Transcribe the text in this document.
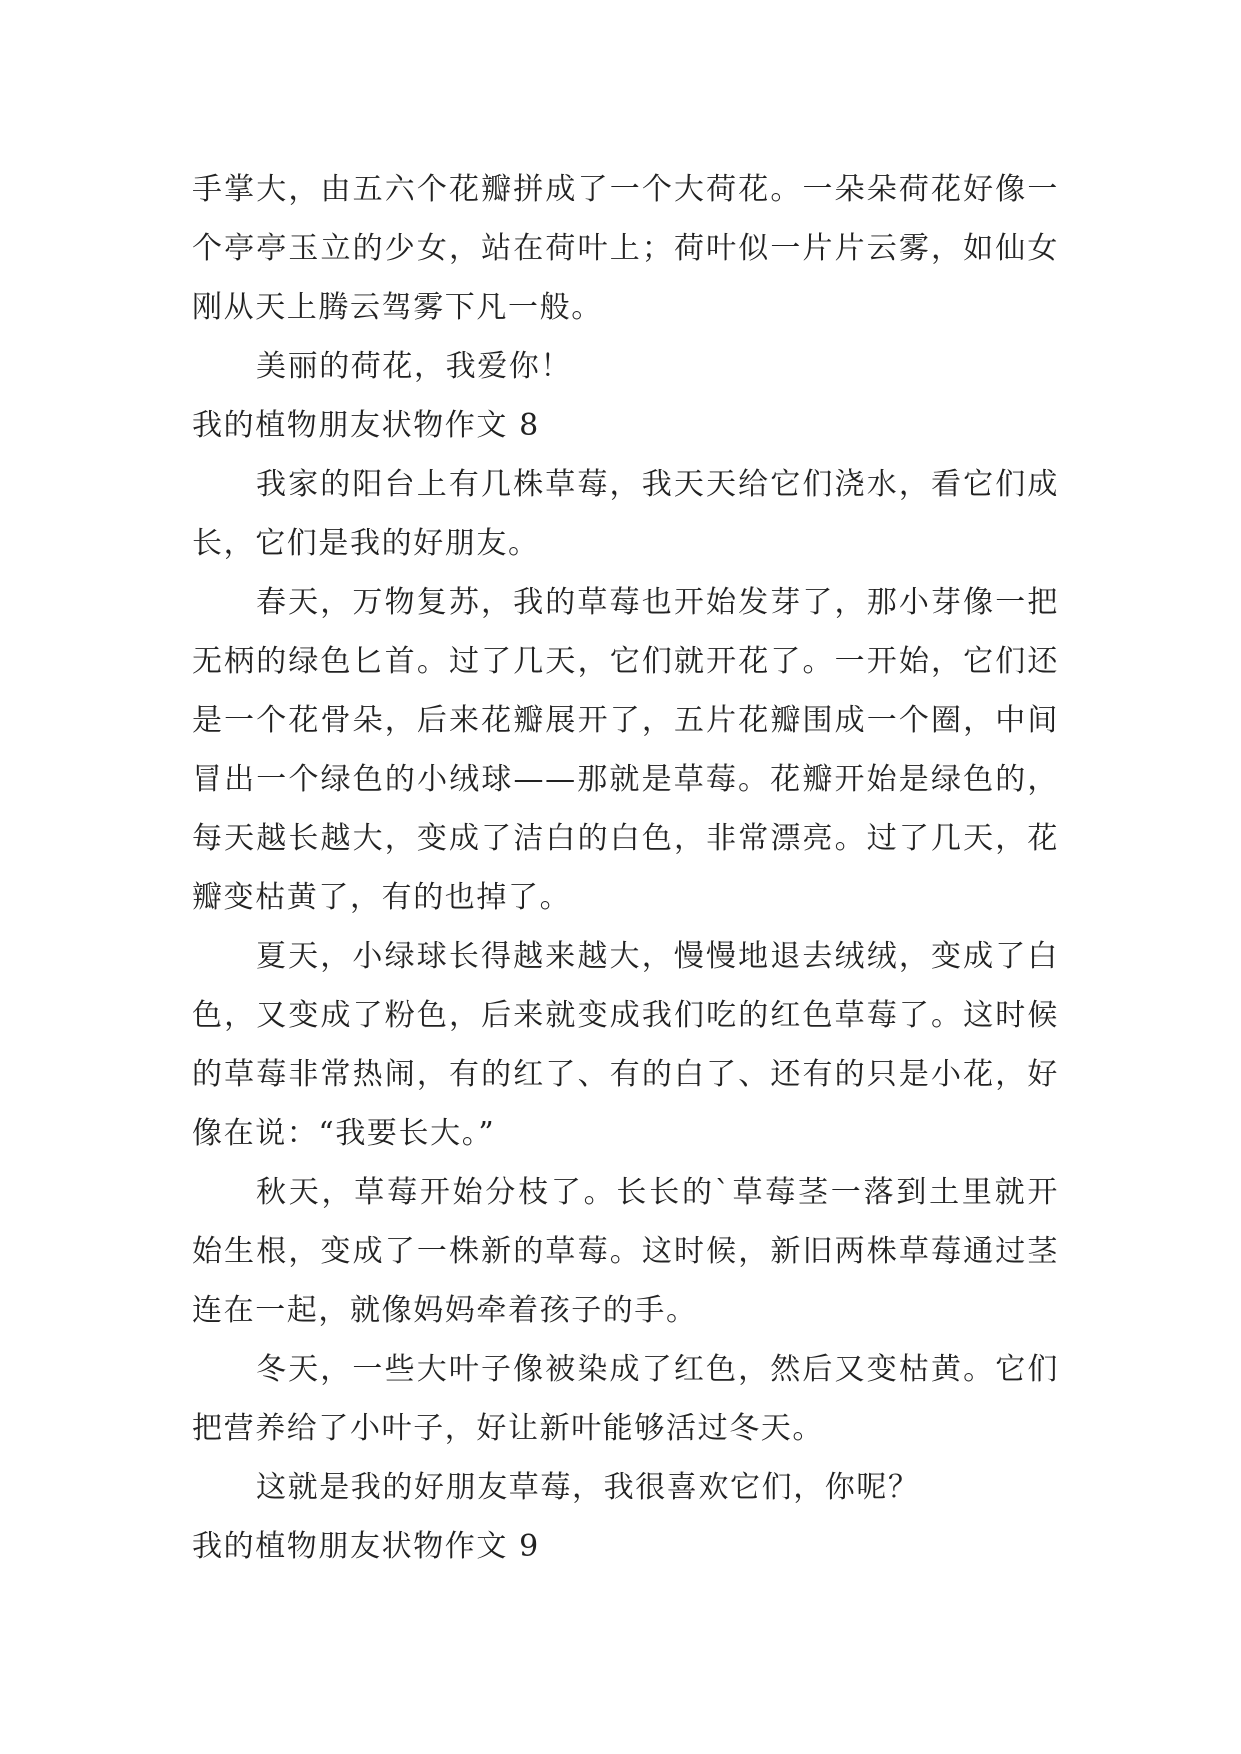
手掌大，由五六个花瓣拼成了一个大荷花。一朵朵荷花好像一个亭亭玉立的少女，站在荷叶上；荷叶似一片片云雾，如仙女刚从天上腾云驾雾下凡一般。

美丽的荷花，我爱你！

我的植物朋友状物作文 8

我家的阳台上有几株草莓，我天天给它们浇水，看它们成长，它们是我的好朋友。

春天，万物复苏，我的草莓也开始发芽了，那小芽像一把无柄的绿色匕首。过了几天，它们就开花了。一开始，它们还是一个花骨朵，后来花瓣展开了，五片花瓣围成一个圈，中间冒出一个绿色的小绒球——那就是草莓。花瓣开始是绿色的，每天越长越大，变成了洁白的白色，非常漂亮。过了几天，花瓣变枯黄了，有的也掉了。

夏天，小绿球长得越来越大，慢慢地退去绒绒，变成了白色，又变成了粉色，后来就变成我们吃的红色草莓了。这时候的草莓非常热闹，有的红了、有的白了、还有的只是小花，好像在说：“我要长大。”

秋天，草莓开始分枝了。长长的`草莓茎一落到土里就开始生根，变成了一株新的草莓。这时候，新旧两株草莓通过茎连在一起，就像妈妈牵着孩子的手。

冬天，一些大叶子像被染成了红色，然后又变枯黄。它们把营养给了小叶子，好让新叶能够活过冬天。

这就是我的好朋友草莓，我很喜欢它们，你呢？

我的植物朋友状物作文 9
